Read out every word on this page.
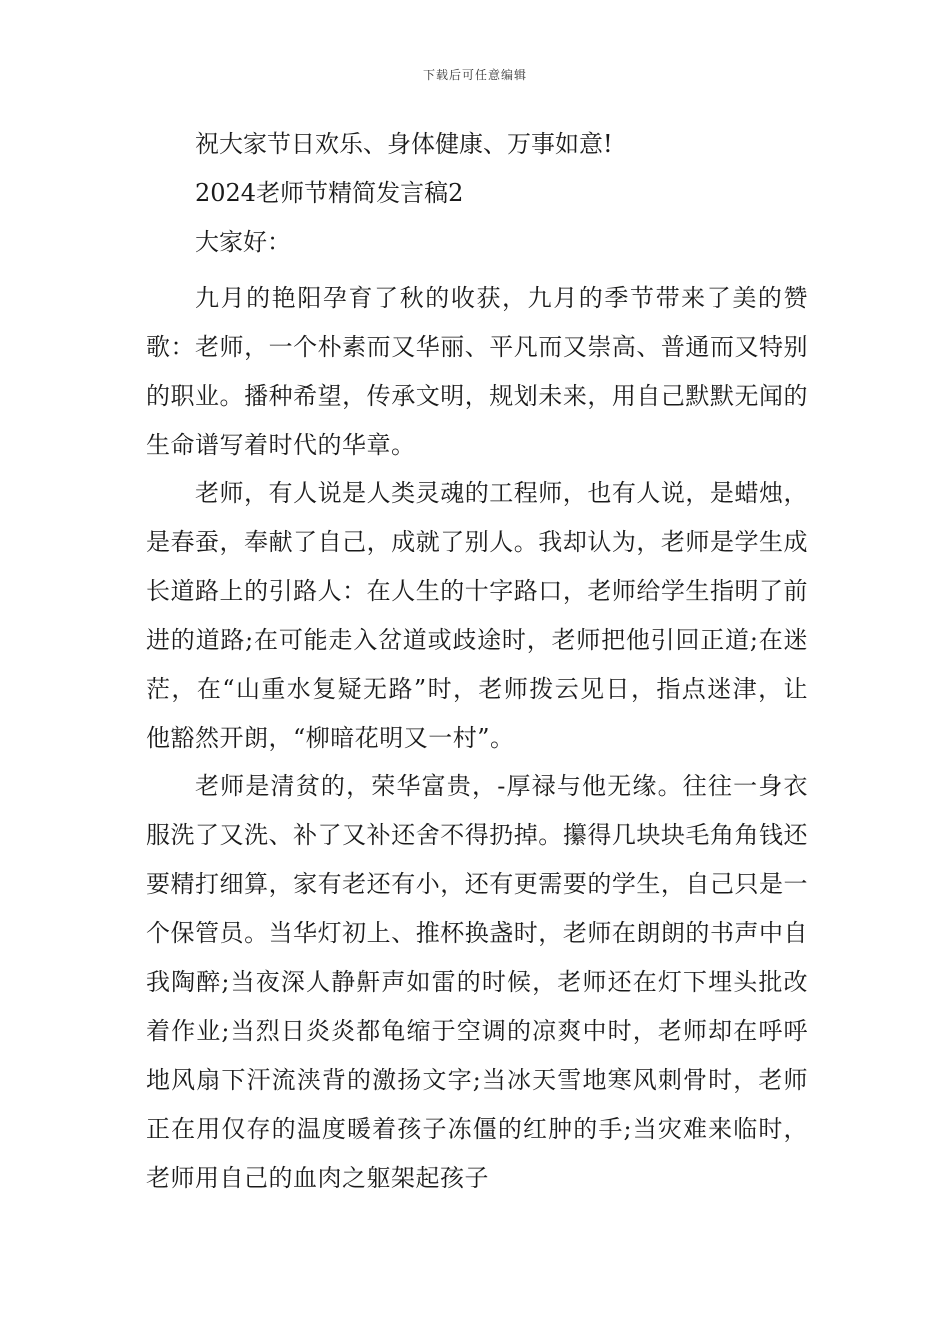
下载后可任意编辑
祝大家节日欢乐、身体健康、万事如意!
2024老师节精简发言稿2
大家好：

九月的艳阳孕育了秋的收获，九月的季节带来了美的赞歌：老师，一个朴素而又华丽、平凡而又崇高、普通而又特别的职业。播种希望，传承文明，规划未来，用自己默默无闻的生命谱写着时代的华章。

老师，有人说是人类灵魂的工程师，也有人说，是蜡烛，是春蚕，奉献了自己，成就了别人。我却认为，老师是学生成长道路上的引路人：在人生的十字路口，老师给学生指明了前进的道路;在可能走入岔道或歧途时，老师把他引回正道;在迷茫，在“山重水复疑无路”时，老师拨云见日，指点迷津，让他豁然开朗，“柳暗花明又一村”。

老师是清贫的，荣华富贵，-厚禄与他无缘。往往一身衣服洗了又洗、补了又补还舍不得扔掉。攥得几块块毛角角钱还要精打细算，家有老还有小，还有更需要的学生，自己只是一个保管员。当华灯初上、推杯换盏时，老师在朗朗的书声中自我陶醉;当夜深人静鼾声如雷的时候，老师还在灯下埋头批改着作业;当烈日炎炎都龟缩于空调的凉爽中时，老师却在呼呼地风扇下汗流浃背的激扬文字;当冰天雪地寒风刺骨时，老师正在用仅存的温度暖着孩子冻僵的红肿的手;当灾难来临时，老师用自己的血肉之躯架起孩子
